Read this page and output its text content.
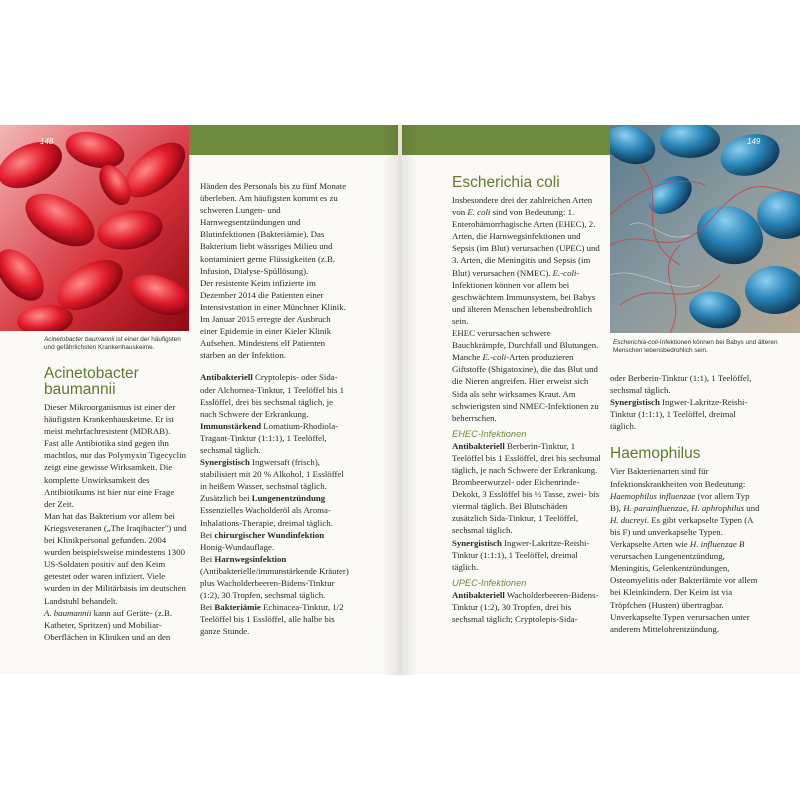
148
Acinetobacter baumannii ist einer der häufigsten und gefährlichsten Krankenhauskeime.
Acinetobacter
baumannii

Dieser Mikroorganismus ist einer der häufigsten Krankenhauskeime. Er ist meist mehrfachresistent (MDRAB). Fast alle Antibiotika sind gegen ihn machtlos, nur das Polymyxin Tigecyclin zeigt eine gewisse Wirksamkeit. Die komplette Unwirksamkeit des Antibiotikums ist hier nur eine Frage der Zeit.

Man hat das Bakterium vor allem bei Kriegsveteranen („The Iraqibacter") und bei Klinikpersonal gefunden. 2004 wurden beispielsweise mindestens 1300 US-Soldaten positiv auf den Keim getestet oder waren infiziert. Viele wurden in der Militärbasis im deutschen Landstuhl behandelt.

A. baumannii kann auf Geräte- (z.B. Katheter, Spritzen) und Mobiliar-Oberflächen in Kliniken und an den

Händen des Personals bis zu fünf Monate überleben. Am häufigsten kommt es zu schweren Lungen- und Harnwegsentzündungen und Blutinfektionen (Bakteriämie). Das Bakterium liebt wässriges Milieu und kontaminiert gerne Flüssigkeiten (z.B. Infusion, Dialyse-Spüllösung).

Der resistente Keim infizierte im Dezember 2014 die Patienten einer Intensivstation in einer Münchner Klinik. Im Januar 2015 erregte der Ausbruch einer Epidemie in einer Kieler Klinik Aufsehen. Mindestens elf Patienten starben an der Infektion.

Antibakteriell Cryptolepis- oder Sida- oder Alchornea-Tinktur, 1 Teelöffel bis 1 Esslöffel, drei bis sechsmal täglich, je nach Schwere der Erkrankung.

Immunstärkend Lomatium-Rhodiola-Tragant-Tinktur (1:1:1), 1 Teelöffel, sechsmal täglich.

Synergistisch Ingwersaft (frisch), stabilisiert mit 20 % Alkohol, 1 Esslöffel in heißem Wasser, sechsmal täglich.

Zusätzlich bei Lungenentzündung Essenzielles Wacholderöl als Aroma-Inhalations-Therapie, dreimal täglich.

Bei chirurgischer Wundinfektion Honig-Wundauflage.

Bei Harnwegsinfektion (Antibakterielle/immunstärkende Kräuter) plus Wacholderbeeren-Bidens-Tinktur (1:2), 30 Tropfen, sechsmal täglich.

Bei Bakteriämie Echinacea-Tinktur, 1/2 Teelöffel bis 1 Esslöffel, alle halbe bis ganze Stunde.

149
Escherichia-coli-Infektionen können bei Babys und älteren Menschen lebensbedrohlich sein.
Escherichia coli

Insbesondere drei der zahlreichen Arten von E. coli sind von Bedeutung: 1. Enterohämorrhagische Arten (EHEC), 2. Arten, die Harnwegsinfektionen und Sepsis (im Blut) verursachen (UPEC) und 3. Arten, die Meningitis und Sepsis (im Blut) verursachen (NMEC). E.-coli-Infektionen können vor allem bei geschwächtem Immunsystem, bei Babys und älteren Menschen lebensbedrohlich sein.

EHEC verursachen schwere Bauchkrämpfe, Durchfall und Blutungen. Manche E.-coli-Arten produzieren Giftstoffe (Shigatoxine), die das Blut und die Nieren angreifen. Hier erweist sich Sida als sehr wirksames Kraut. Am schwierigsten sind NMEC-Infektionen zu beherrschen.

EHEC-Infektionen

Antibakteriell Berberin-Tinktur, 1 Teelöffel bis 1 Esslöffel, drei bis sechsmal täglich, je nach Schwere der Erkrankung. Brombeerwurzel- oder Eichenrinde-Dekokt, 3 Esslöffel bis ½ Tasse, zwei- bis viermal täglich. Bei Blutschäden zusätzlich Sida-Tinktur, 1 Teelöffel, sechsmal täglich.

Synergistisch Ingwer-Lakritze-Reishi-Tinktur (1:1:1), 1 Teelöffel, dreimal täglich.

UPEC-Infektionen

Antibakteriell Wacholderbeeren-Bidens-Tinktur (1:2), 30 Tropfen, drei bis sechsmal täglich; Cryptolepis-Sida-

oder Berberin-Tinktur (1:1), 1 Teelöffel, sechsmal täglich.

Synergistisch Ingwer-Lakritze-Reishi-Tinktur (1:1:1), 1 Teelöffel, dreimal täglich.

Haemophilus

Vier Bakterienarten sind für Infektionskrankheiten von Bedeutung: Haemophilus influenzae (vor allem Typ B), H. parainfluenzae, H. aphrophilus und H. ducreyi. Es gibt verkapselte Typen (A bis F) und unverkapselte Typen. Verkapselte Arten wie H. influenzae B verursachen Lungenentzündung, Meningitis, Gelenkentzündungen, Osteomyelitis oder Bakteriämie vor allem bei Kleinkindern. Der Keim ist via Tröpfchen (Husten) übertragbar.

Unverkapselte Typen verursachen unter anderem Mittelohrentzündung.
